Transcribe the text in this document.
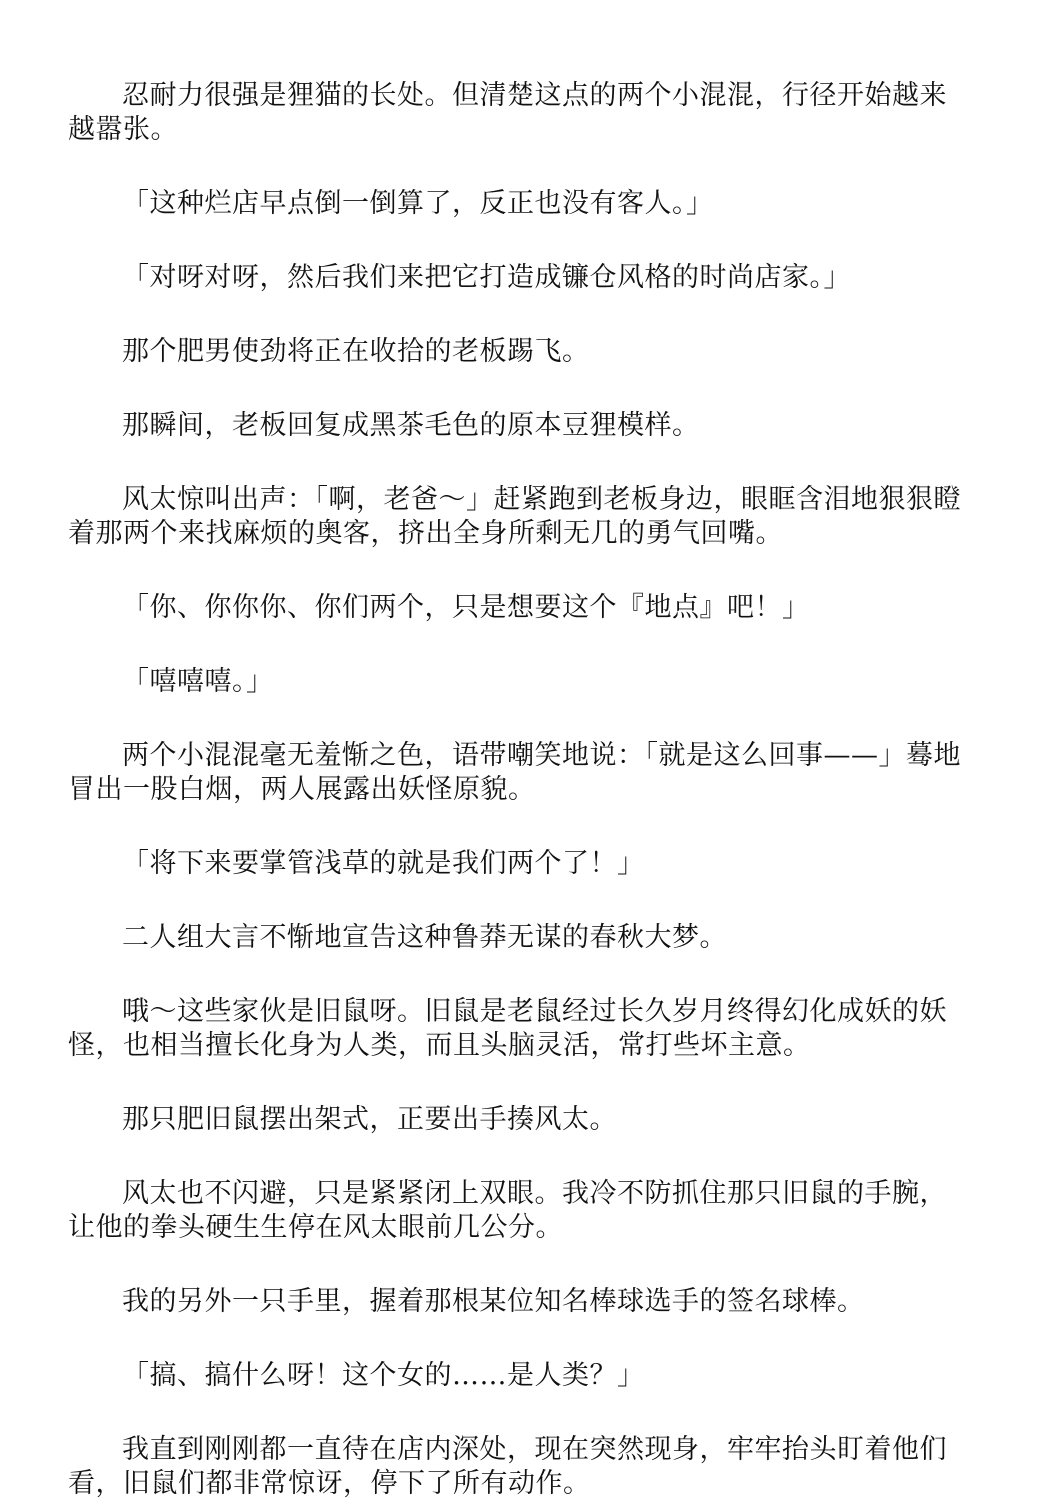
忍耐力很强是狸猫的长处。但清楚这点的两个小混混，行径开始越来越嚣张。

「这种烂店早点倒一倒算了，反正也没有客人。」

「对呀对呀，然后我们来把它打造成镰仓风格的时尚店家。」

那个肥男使劲将正在收拾的老板踢飞。

那瞬间，老板回复成黑茶毛色的原本豆狸模样。

风太惊叫出声：「啊，老爸～」赶紧跑到老板身边，眼眶含泪地狠狠瞪着那两个来找麻烦的奥客，挤出全身所剩无几的勇气回嘴。

「你、你你你、你们两个，只是想要这个『地点』吧！」

「嘻嘻嘻。」

两个小混混毫无羞惭之色，语带嘲笑地说：「就是这么回事——」蓦地冒出一股白烟，两人展露出妖怪原貌。

「将下来要掌管浅草的就是我们两个了！」

二人组大言不惭地宣告这种鲁莽无谋的春秋大梦。

哦～这些家伙是旧鼠呀。旧鼠是老鼠经过长久岁月终得幻化成妖的妖怪，也相当擅长化身为人类，而且头脑灵活，常打些坏主意。

那只肥旧鼠摆出架式，正要出手揍风太。

风太也不闪避，只是紧紧闭上双眼。我冷不防抓住那只旧鼠的手腕，让他的拳头硬生生停在风太眼前几公分。

我的另外一只手里，握着那根某位知名棒球选手的签名球棒。

「搞、搞什么呀！这个女的……是人类？」

我直到刚刚都一直待在店内深处，现在突然现身，牢牢抬头盯着他们看，旧鼠们都非常惊讶，停下了所有动作。
